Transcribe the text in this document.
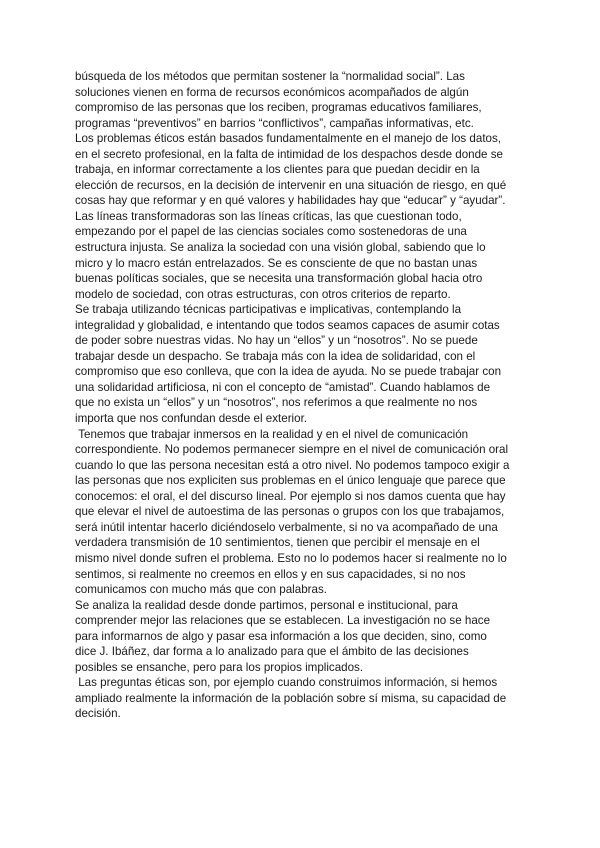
búsqueda de los métodos que permitan sostener la “normalidad social”. Las
soluciones vienen en forma de recursos económicos acompañados de algún
compromiso de las personas que los reciben, programas educativos familiares,
programas “preventivos” en barrios “conflictivos”, campañas informativas, etc.

Los problemas éticos están basados fundamentalmente en el manejo de los datos,
en el secreto profesional, en la falta de intimidad de los despachos desde donde se
trabaja, en informar correctamente a los clientes para que puedan decidir en la
elección de recursos, en la decisión de intervenir en una situación de riesgo, en qué
cosas hay que reformar y en qué valores y habilidades hay que “educar” y “ayudar”.

Las líneas transformadoras son las líneas críticas, las que cuestionan todo,
empezando por el papel de las ciencias sociales como sostenedoras de una
estructura injusta. Se analiza la sociedad con una visión global, sabiendo que lo
micro y lo macro están entrelazados. Se es consciente de que no bastan unas
buenas políticas sociales, que se necesita una transformación global hacia otro
modelo de sociedad, con otras estructuras, con otros criterios de reparto.

Se trabaja utilizando técnicas participativas e implicativas, contemplando la
integralidad y globalidad, e intentando que todos seamos capaces de asumir cotas
de poder sobre nuestras vidas. No hay un “ellos” y un “nosotros”. No se puede
trabajar desde un despacho. Se trabaja más con la idea de solidaridad, con el
compromiso que eso conlleva, que con la idea de ayuda. No se puede trabajar con
una solidaridad artificiosa, ni con el concepto de “amistad”. Cuando hablamos de
que no exista un “ellos” y un “nosotros”, nos referimos a que realmente no nos
importa que nos confundan desde el exterior.

Tenemos que trabajar inmersos en la realidad y en el nivel de comunicación
correspondiente. No podemos permanecer siempre en el nivel de comunicación oral
cuando lo que las persona necesitan está a otro nivel. No podemos tampoco exigir a
las personas que nos expliciten sus problemas en el único lenguaje que parece que
conocemos: el oral, el del discurso lineal. Por ejemplo si nos damos cuenta que hay
que elevar el nivel de autoestima de las personas o grupos con los que trabajamos,
será inútil intentar hacerlo diciéndoselo verbalmente, si no va acompañado de una
verdadera transmisión de 10 sentimientos, tienen que percibir el mensaje en el
mismo nivel donde sufren el problema. Esto no lo podemos hacer si realmente no lo
sentimos, si realmente no creemos en ellos y en sus capacidades, si no nos
comunicamos con mucho más que con palabras.

Se analiza la realidad desde donde partimos, personal e institucional, para
comprender mejor las relaciones que se establecen. La investigación no se hace
para informarnos de algo y pasar esa información a los que deciden, sino, como
dice J. Ibáñez, dar forma a lo analizado para que el ámbito de las decisiones
posibles se ensanche, pero para los propios implicados.

Las preguntas éticas son, por ejemplo cuando construimos información, si hemos
ampliado realmente la información de la población sobre sí misma, su capacidad de
decisión.
